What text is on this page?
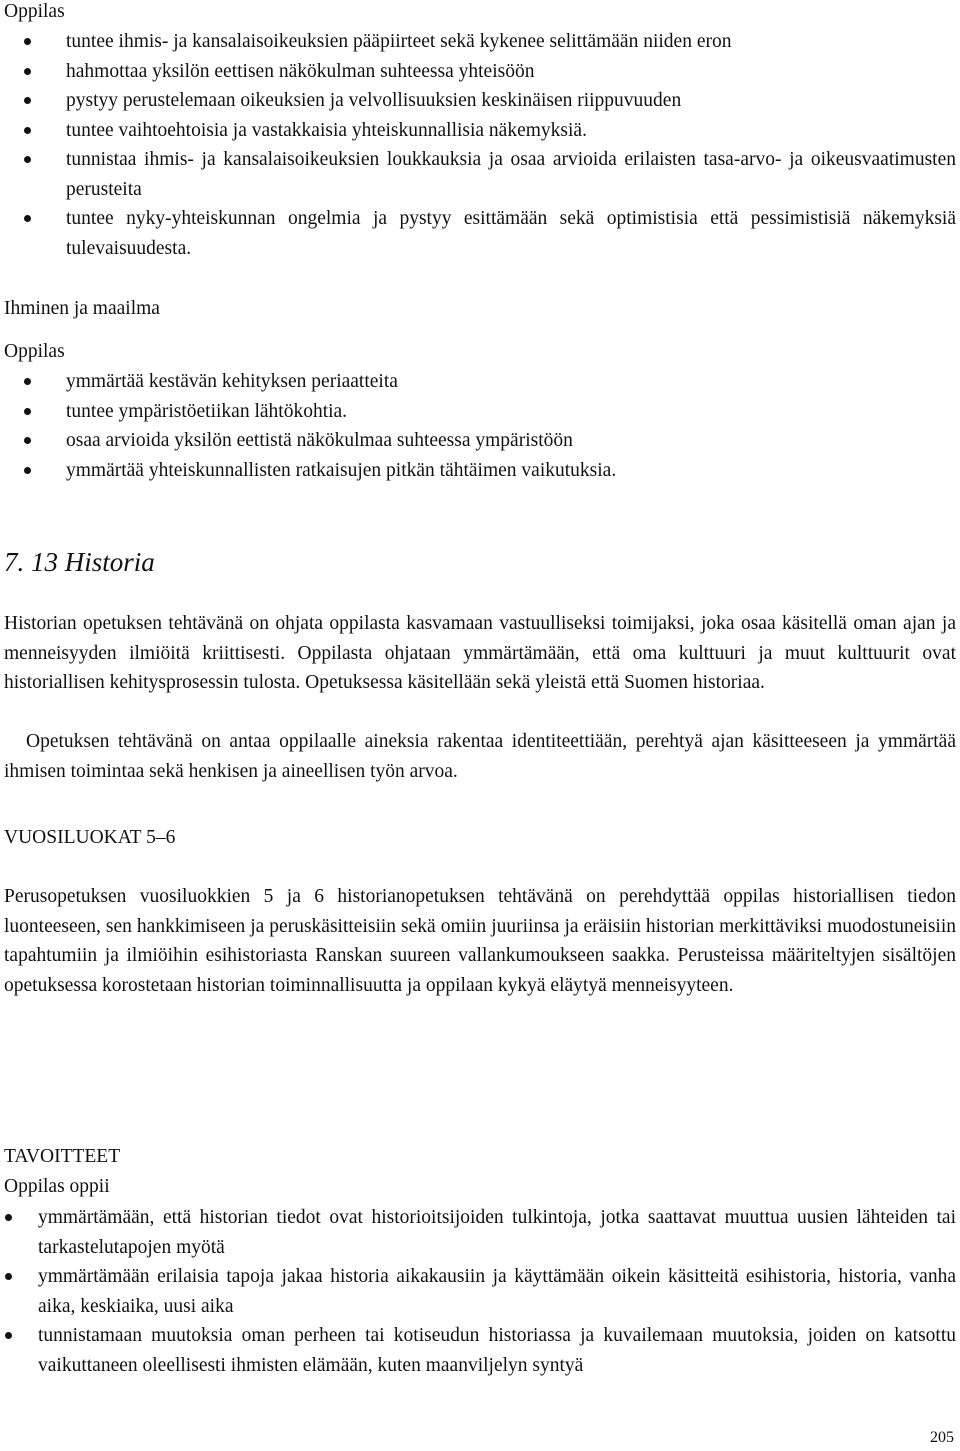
Oppilas
tuntee ihmis- ja kansalaisoikeuksien pääpiirteet sekä kykenee selittämään niiden eron
hahmottaa yksilön eettisen näkökulman suhteessa yhteisöön
pystyy perustelemaan oikeuksien ja velvollisuuksien keskinäisen riippuvuuden
tuntee vaihtoehtoisia ja vastakkaisia yhteiskunnallisia näkemyksiä.
tunnistaa ihmis- ja kansalaisoikeuksien loukkauksia ja osaa arvioida erilaisten tasa-arvo- ja oikeusvaatimusten perusteita
tuntee nyky-yhteiskunnan ongelmia ja pystyy esittämään sekä optimistisia että pessimistisiä näkemyksiä tulevaisuudesta.
Ihminen ja maailma
Oppilas
ymmärtää kestävän kehityksen periaatteita
tuntee ympäristöetiikan lähtökohtia.
osaa arvioida yksilön eettistä näkökulmaa suhteessa ympäristöön
ymmärtää yhteiskunnallisten ratkaisujen pitkän tähtäimen vaikutuksia.
7. 13 Historia

Historian opetuksen tehtävänä on ohjata oppilasta kasvamaan vastuulliseksi toimijaksi, joka osaa käsitellä oman ajan ja menneisyyden ilmiöitä kriittisesti. Oppilasta ohjataan ymmärtämään, että oma kulttuuri ja muut kulttuurit ovat historiallisen kehitysprosessin tulosta. Opetuksessa käsitellään sekä yleistä että Suomen historiaa.

Opetuksen tehtävänä on antaa oppilaalle aineksia rakentaa identiteettiään, perehtyä ajan käsitteeseen ja ymmärtää ihmisen toimintaa sekä henkisen ja aineellisen työn arvoa.

VUOSILUOKAT 5–6

Perusopetuksen vuosiluokkien 5 ja 6 historianopetuksen tehtävänä on perehdyttää oppilas historiallisen tiedon luonteeseen, sen hankkimiseen ja peruskäsitteisiin sekä omiin juuriinsa ja eräisiin historian merkittäviksi muodostuneisiin tapahtumiin ja ilmiöihin esihistoriasta Ranskan suureen vallankumoukseen saakka. Perusteissa määriteltyjen sisältöjen opetuksessa korostetaan historian toiminnallisuutta ja oppilaan kykyä eläytyä menneisyyteen.

TAVOITTEET
Oppilas oppii
ymmärtämään, että historian tiedot ovat historioitsijoiden tulkintoja, jotka saattavat muuttua uusien lähteiden tai tarkastelutapojen myötä
ymmärtämään erilaisia tapoja jakaa historia aikakausiin ja käyttämään oikein käsitteitä esihistoria, historia, vanha aika, keskiaika, uusi aika
tunnistamaan muutoksia oman perheen tai kotiseudun historiassa ja kuvailemaan muutoksia, joiden on katsottu vaikuttaneen oleellisesti ihmisten elämään, kuten maanviljelyn syntyä
205
